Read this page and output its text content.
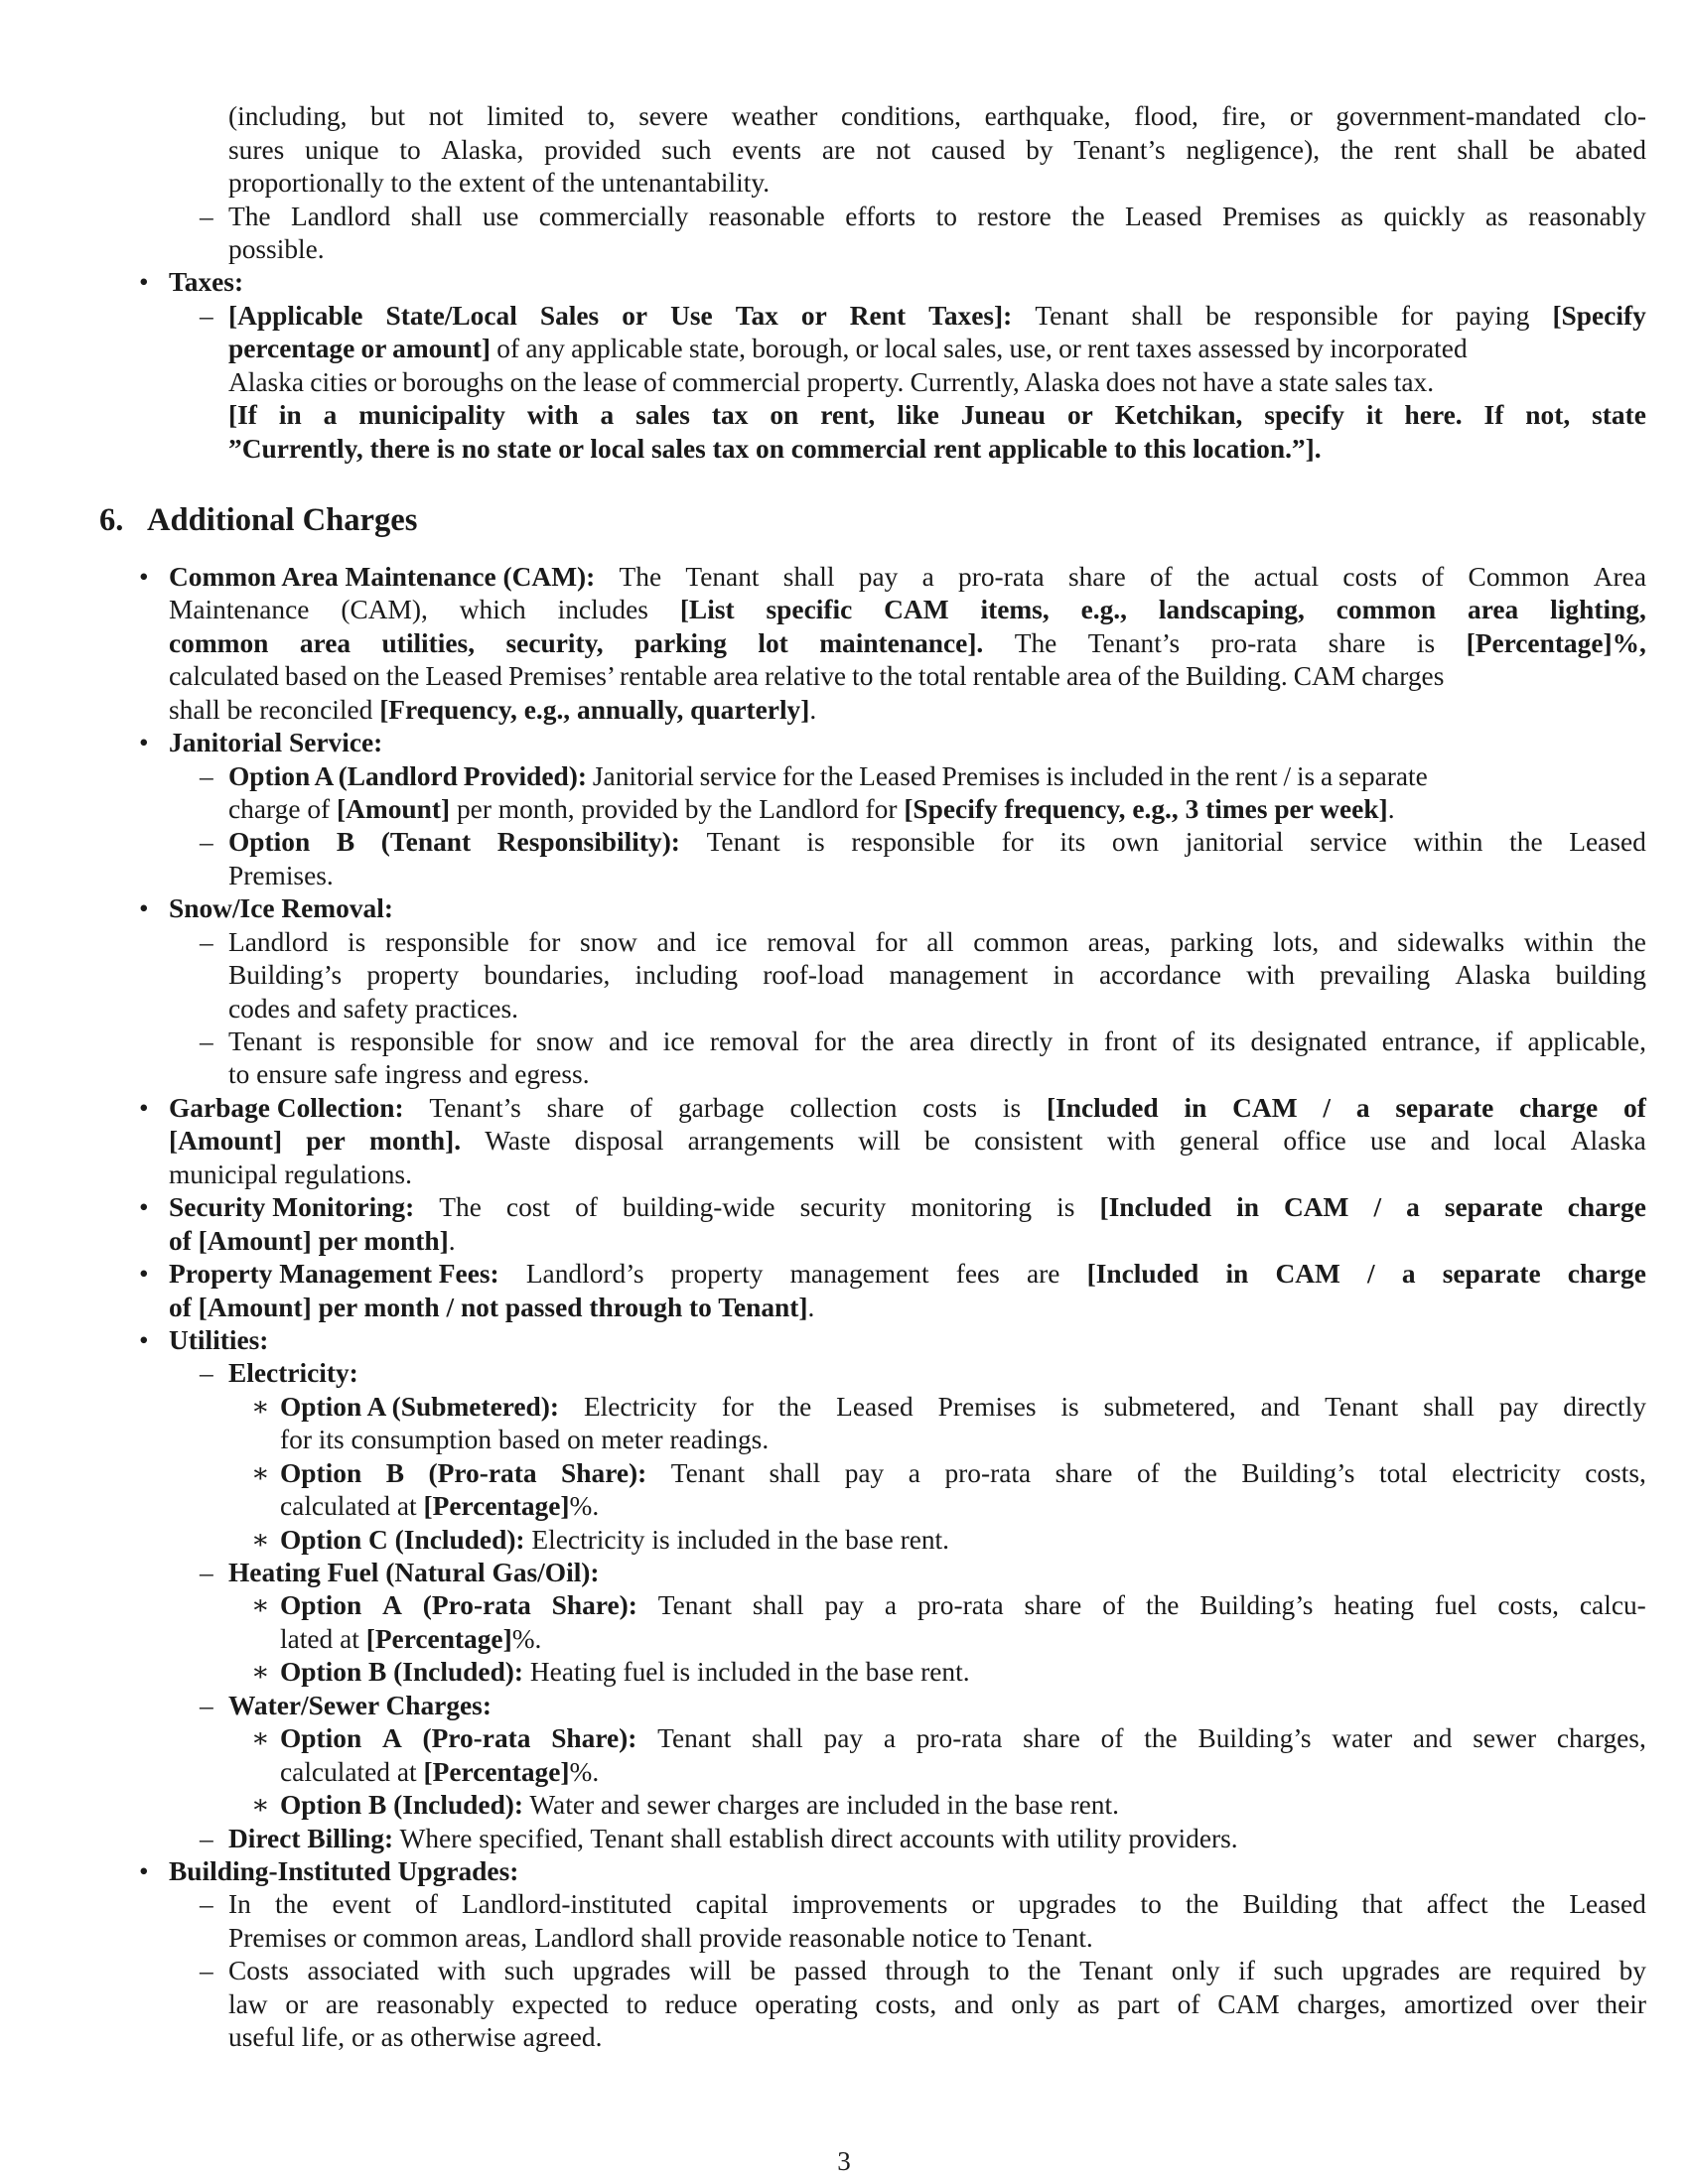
(including, but not limited to, severe weather conditions, earthquake, flood, fire, or government-mandated clo-
sures unique to Alaska, provided such events are not caused by Tenant’s negligence), the rent shall be abated
proportionally to the extent of the untenantability.
– The Landlord shall use commercially reasonable efforts to restore the Leased Premises as quickly as reasonably
possible.
• Taxes:
– [Applicable State/Local Sales or Use Tax or Rent Taxes]: Tenant shall be responsible for paying [Specify
percentage or amount] of any applicable state, borough, or local sales, use, or rent taxes assessed by incorporated
Alaska cities or boroughs on the lease of commercial property. Currently, Alaska does not have a state sales tax.
[If in a municipality with a sales tax on rent, like Juneau or Ketchikan, specify it here. If not, state
”Currently, there is no state or local sales tax on commercial rent applicable to this location.”].
6. Additional Charges
• Common Area Maintenance (CAM): The Tenant shall pay a pro-rata share of the actual costs of Common Area
Maintenance (CAM), which includes [List specific CAM items, e.g., landscaping, common area lighting,
common area utilities, security, parking lot maintenance]. The Tenant’s pro-rata share is [Percentage]%,
calculated based on the Leased Premises’ rentable area relative to the total rentable area of the Building. CAM charges
shall be reconciled [Frequency, e.g., annually, quarterly].
• Janitorial Service:
– Option A (Landlord Provided): Janitorial service for the Leased Premises is included in the rent / is a separate
charge of [Amount] per month, provided by the Landlord for [Specify frequency, e.g., 3 times per week].
– Option B (Tenant Responsibility): Tenant is responsible for its own janitorial service within the Leased
Premises.
• Snow/Ice Removal:
– Landlord is responsible for snow and ice removal for all common areas, parking lots, and sidewalks within the
Building’s property boundaries, including roof-load management in accordance with prevailing Alaska building
codes and safety practices.
– Tenant is responsible for snow and ice removal for the area directly in front of its designated entrance, if applicable,
to ensure safe ingress and egress.
• Garbage Collection: Tenant’s share of garbage collection costs is [Included in CAM / a separate charge of
[Amount] per month]. Waste disposal arrangements will be consistent with general office use and local Alaska
municipal regulations.
• Security Monitoring: The cost of building-wide security monitoring is [Included in CAM / a separate charge
of [Amount] per month].
• Property Management Fees: Landlord’s property management fees are [Included in CAM / a separate charge
of [Amount] per month / not passed through to Tenant].
• Utilities:
– Electricity:
∗ Option A (Submetered): Electricity for the Leased Premises is submetered, and Tenant shall pay directly
for its consumption based on meter readings.
∗ Option B (Pro-rata Share): Tenant shall pay a pro-rata share of the Building’s total electricity costs,
calculated at [Percentage]%.
∗ Option C (Included): Electricity is included in the base rent.
– Heating Fuel (Natural Gas/Oil):
∗ Option A (Pro-rata Share): Tenant shall pay a pro-rata share of the Building’s heating fuel costs, calcu-
lated at [Percentage]%.
∗ Option B (Included): Heating fuel is included in the base rent.
– Water/Sewer Charges:
∗ Option A (Pro-rata Share): Tenant shall pay a pro-rata share of the Building’s water and sewer charges,
calculated at [Percentage]%.
∗ Option B (Included): Water and sewer charges are included in the base rent.
– Direct Billing: Where specified, Tenant shall establish direct accounts with utility providers.
• Building-Instituted Upgrades:
– In the event of Landlord-instituted capital improvements or upgrades to the Building that affect the Leased
Premises or common areas, Landlord shall provide reasonable notice to Tenant.
– Costs associated with such upgrades will be passed through to the Tenant only if such upgrades are required by
law or are reasonably expected to reduce operating costs, and only as part of CAM charges, amortized over their
useful life, or as otherwise agreed.
3
